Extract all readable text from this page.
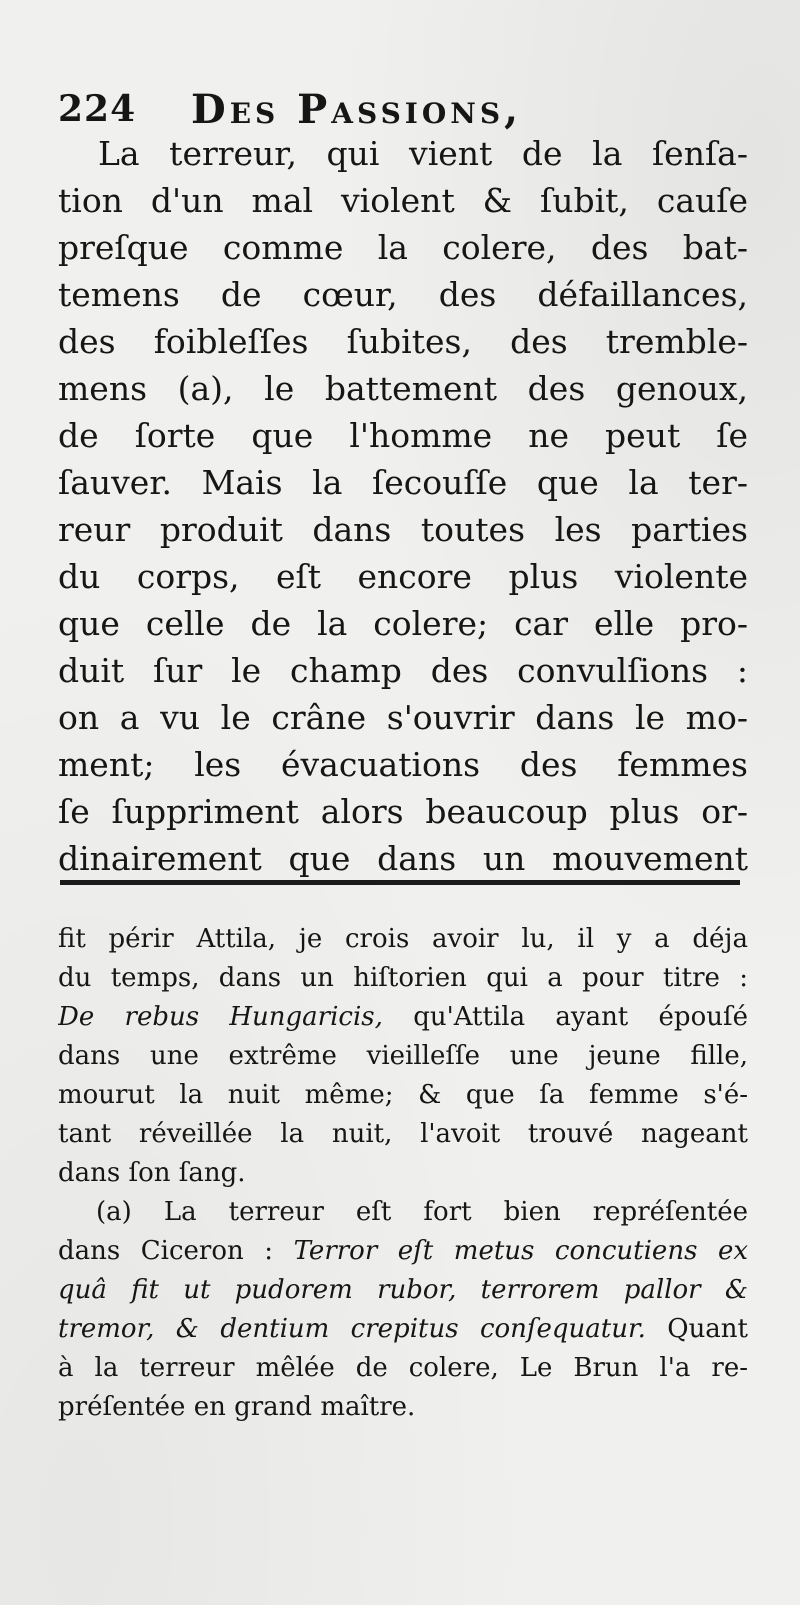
224 Des Passions,
La terreur, qui vient de la ſenſa-
tion d'un mal violent & ſubit, cauſe
preſque comme la colere, des bat-
temens de cœur, des défaillances,
des foibleſſes ſubites, des tremble-
mens (a), le battement des genoux,
de ſorte que l'homme ne peut ſe
ſauver. Mais la ſecouſſe que la ter-
reur produit dans toutes les parties
du corps, eſt encore plus violente
que celle de la colere; car elle pro-
duit ſur le champ des convulſions :
on a vu le crâne s'ouvrir dans le mo-
ment; les évacuations des femmes
ſe ſuppriment alors beaucoup plus or-
dinairement que dans un mouvement
fit périr Attila, je crois avoir lu, il y a déja
du temps, dans un hiſtorien qui a pour titre :
De rebus Hungaricis, qu'Attila ayant épouſé
dans une extrême vieilleſſe une jeune fille,
mourut la nuit même; & que ſa femme s'é-
tant réveillée la nuit, l'avoit trouvé nageant
dans ſon ſang.
(a) La terreur eſt fort bien repréſentée
dans Ciceron : Terror eſt metus concutiens ex
quâ fit ut pudorem rubor, terrorem pallor &
tremor, & dentium crepitus conſequatur. Quant
à la terreur mêlée de colere, Le Brun l'a re-
préſentée en grand maître.
